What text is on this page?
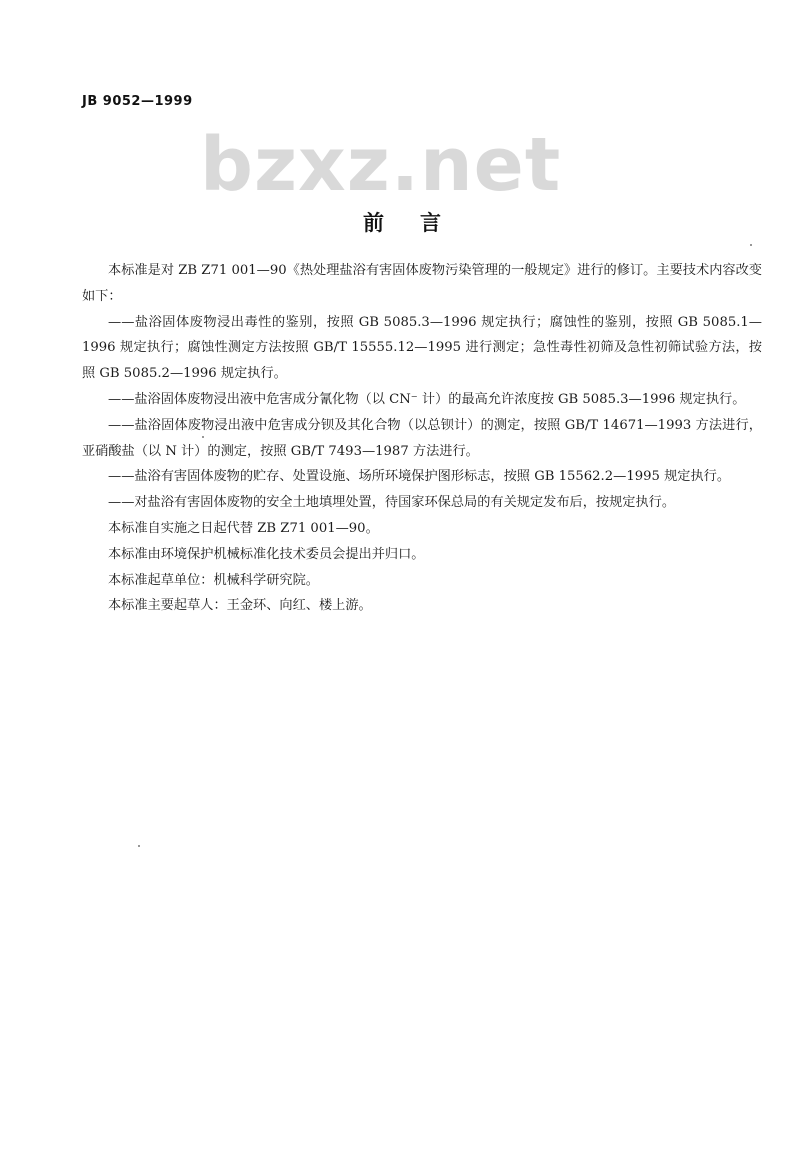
JB 9052—1999
bzxz.net
前言

本标准是对 ZB Z71 001—90《热处理盐浴有害固体废物污染管理的一般规定》进行的修订。主要技术内容改变如下：

——盐浴固体废物浸出毒性的鉴别，按照 GB 5085.3—1996 规定执行；腐蚀性的鉴别，按照 GB 5085.1—1996 规定执行；腐蚀性测定方法按照 GB/T 15555.12—1995 进行测定；急性毒性初筛及急性初筛试验方法，按照 GB 5085.2—1996 规定执行。

——盐浴固体废物浸出液中危害成分氰化物（以 CN⁻ 计）的最高允许浓度按 GB 5085.3—1996 规定执行。

——盐浴固体废物浸出液中危害成分钡及其化合物（以总钡计）的测定，按照 GB/T 14671—1993 方法进行，亚硝酸盐（以 N 计）的测定，按照 GB/T 7493—1987 方法进行。

——盐浴有害固体废物的贮存、处置设施、场所环境保护图形标志，按照 GB 15562.2—1995 规定执行。

——对盐浴有害固体废物的安全土地填埋处置，待国家环保总局的有关规定发布后，按规定执行。

本标准自实施之日起代替 ZB Z71 001—90。

本标准由环境保护机械标准化技术委员会提出并归口。

本标准起草单位：机械科学研究院。

本标准主要起草人：王金环、向红、楼上游。
